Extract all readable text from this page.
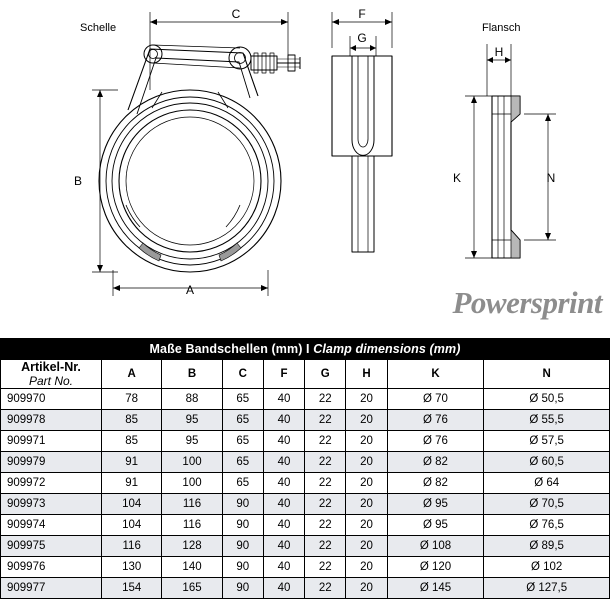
Schelle	Flansch
C
A
B
F
G
H
K	N
Powersprint
Maße Bandschellen (mm) I Clamp dimensions (mm)								

Artikel-Nr.
Part No.	A	B	C	F	G	H	K	N
909970	78	88	65	40	22	20	Ø 70	Ø 50,5
909978	85	95	65	40	22	20	Ø 76	Ø 55,5
909971	85	95	65	40	22	20	Ø 76	Ø 57,5
909979	91	100	65	40	22	20	Ø 82	Ø 60,5
909972	91	100	65	40	22	20	Ø 82	Ø 64
909973	104	116	90	40	22	20	Ø 95	Ø 70,5
909974	104	116	90	40	22	20	Ø 95	Ø 76,5
909975	116	128	90	40	22	20	Ø 108	Ø 89,5
909976	130	140	90	40	22	20	Ø 120	Ø 102
909977	154	165	90	40	22	20	Ø 145	Ø 127,5
